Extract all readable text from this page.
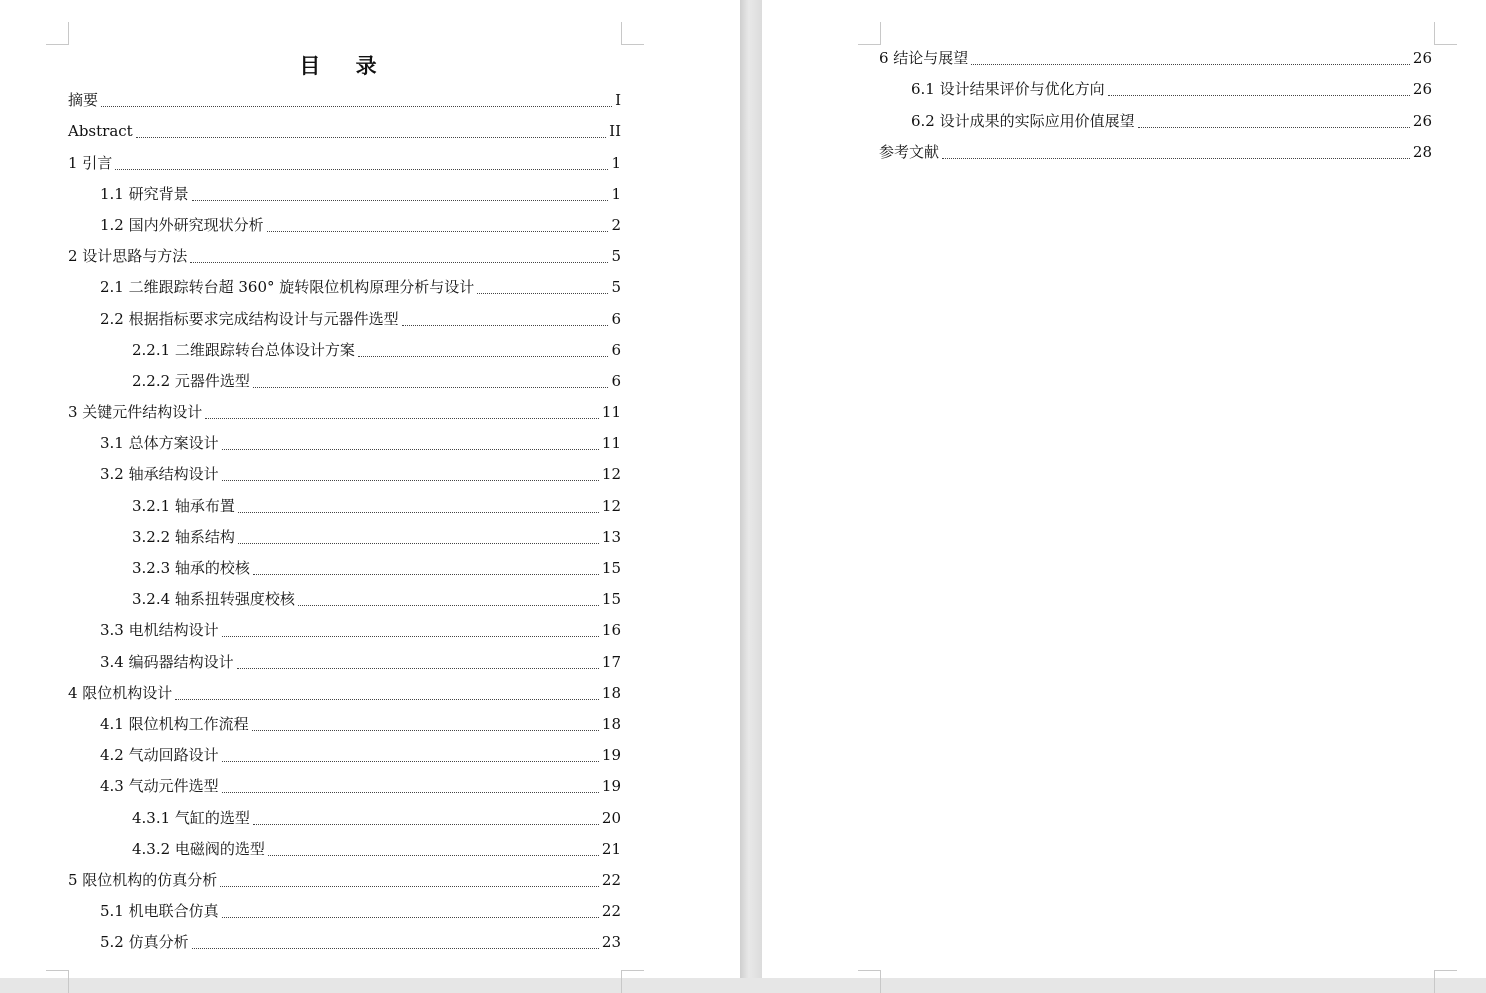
目 录
摘要	I
Abstract	II
1 引言	1
1.1 研究背景	1
1.2 国内外研究现状分析	2
2 设计思路与方法	5
2.1 二维跟踪转台超 360° 旋转限位机构原理分析与设计	5
2.2 根据指标要求完成结构设计与元器件选型	6
2.2.1 二维跟踪转台总体设计方案	6
2.2.2 元器件选型	6
3 关键元件结构设计	11
3.1 总体方案设计	11
3.2 轴承结构设计	12
3.2.1 轴承布置	12
3.2.2 轴系结构	13
3.2.3 轴承的校核	15
3.2.4 轴系扭转强度校核	15
3.3 电机结构设计	16
3.4 编码器结构设计	17
4 限位机构设计	18
4.1 限位机构工作流程	18
4.2 气动回路设计	19
4.3 气动元件选型	19
4.3.1 气缸的选型	20
4.3.2 电磁阀的选型	21
5 限位机构的仿真分析	22
5.1 机电联合仿真	22
5.2 仿真分析	23
6 结论与展望	26
6.1 设计结果评价与优化方向	26
6.2 设计成果的实际应用价值展望	26
参考文献	28
